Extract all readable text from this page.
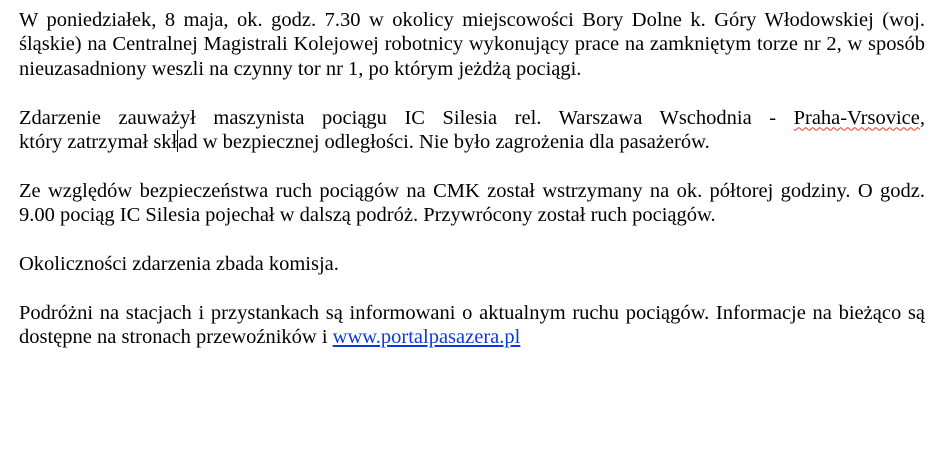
W poniedziałek, 8 maja, ok. godz. 7.30 w okolicy miejscowości Bory Dolne k. Góry Włodowskiej (woj. śląskie) na Centralnej Magistrali Kolejowej robotnicy wykonujący prace na zamkniętym torze nr 2, w sposób nieuzasadniony weszli na czynny tor nr 1, po którym jeżdżą pociągi.

Zdarzenie zauważył maszynista pociągu IC Silesia rel. Warszawa Wschodnia - Praha-Vrsovice,
który zatrzymał skład w bezpiecznej odległości. Nie było zagrożenia dla pasażerów.

Ze względów bezpieczeństwa ruch pociągów na CMK został wstrzymany na ok. półtorej godziny. O godz. 9.00 pociąg IC Silesia pojechał w dalszą podróż. Przywrócony został ruch pociągów.

Okoliczności zdarzenia zbada komisja.

Podróżni na stacjach i przystankach są informowani o aktualnym ruchu pociągów. Informacje na bieżąco są dostępne na stronach przewoźników i www.portalpasazera.pl
